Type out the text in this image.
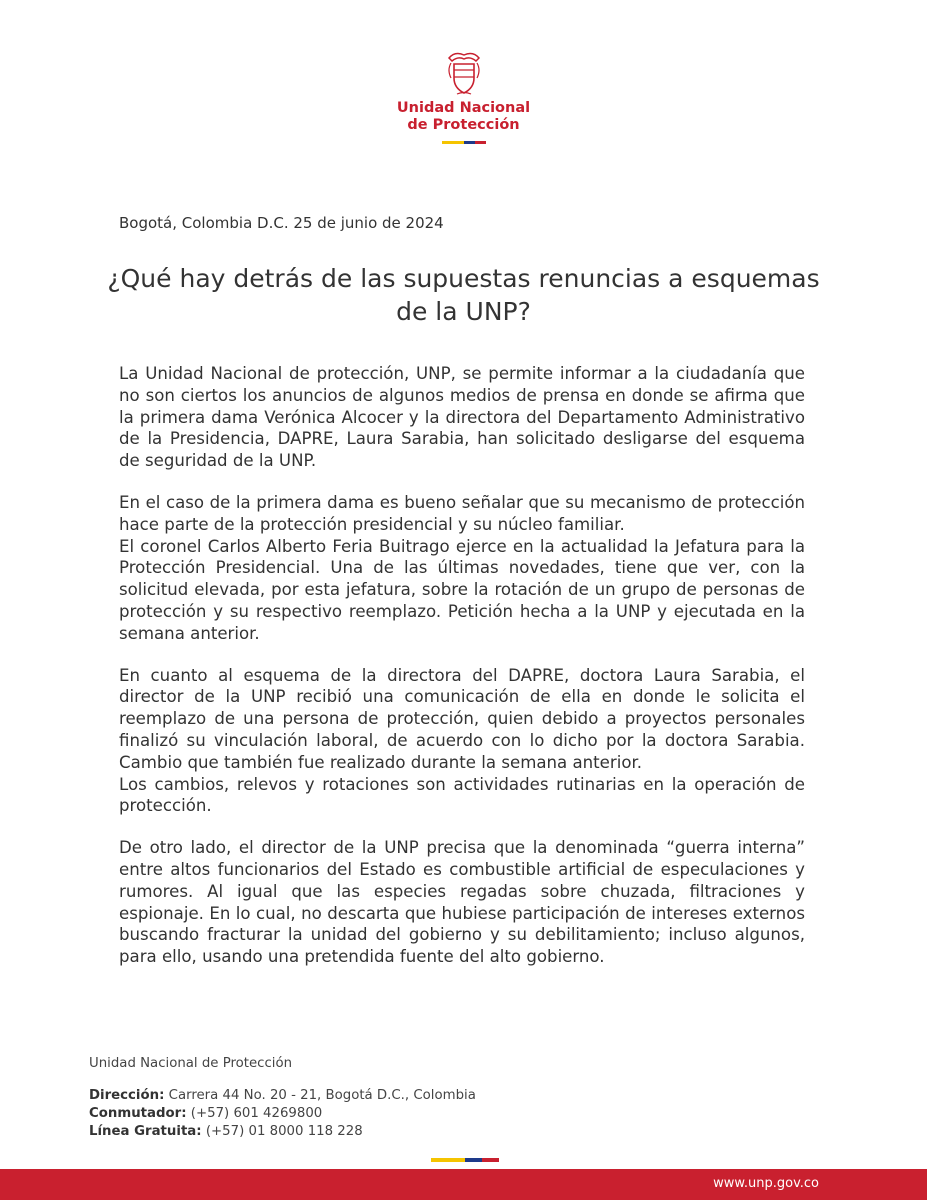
Unidad Nacional
de Protección
Bogotá, Colombia D.C. 25 de junio de 2024
¿Qué hay detrás de las supuestas renuncias a esquemas de la UNP?

La Unidad Nacional de protección, UNP, se permite informar a la ciudadanía que no son ciertos los anuncios de algunos medios de prensa en donde se afirma que la primera dama Verónica Alcocer y la directora del Departamento Administrativo de la Presidencia, DAPRE, Laura Sarabia, han solicitado desligarse del esquema de seguridad de la UNP.

En el caso de la primera dama es bueno señalar que su mecanismo de protección hace parte de la protección presidencial y su núcleo familiar.

El coronel Carlos Alberto Feria Buitrago ejerce en la actualidad la Jefatura para la Protección Presidencial. Una de las últimas novedades, tiene que ver, con la solicitud elevada, por esta jefatura, sobre la rotación de un grupo de personas de protección y su respectivo reemplazo. Petición hecha a la UNP y ejecutada en la semana anterior.

En cuanto al esquema de la directora del DAPRE, doctora Laura Sarabia, el director de la UNP recibió una comunicación de ella en donde le solicita el reemplazo de una persona de protección, quien debido a proyectos personales finalizó su vinculación laboral, de acuerdo con lo dicho por la doctora Sarabia. Cambio que también fue realizado durante la semana anterior.

Los cambios, relevos y rotaciones son actividades rutinarias en la operación de protección.

De otro lado, el director de la UNP precisa que la denominada “guerra interna” entre altos funcionarios del Estado es combustible artificial de especulaciones y rumores. Al igual que las especies regadas sobre chuzada, filtraciones y espionaje. En lo cual, no descarta que hubiese participación de intereses externos buscando fracturar la unidad del gobierno y su debilitamiento; incluso algunos, para ello, usando una pretendida fuente del alto gobierno.

Unidad Nacional de Protección
Dirección: Carrera 44 No. 20 - 21, Bogotá D.C., Colombia
Conmutador: (+57) 601 4269800
Línea Gratuita: (+57) 01 8000 118 228
www.unp.gov.co
